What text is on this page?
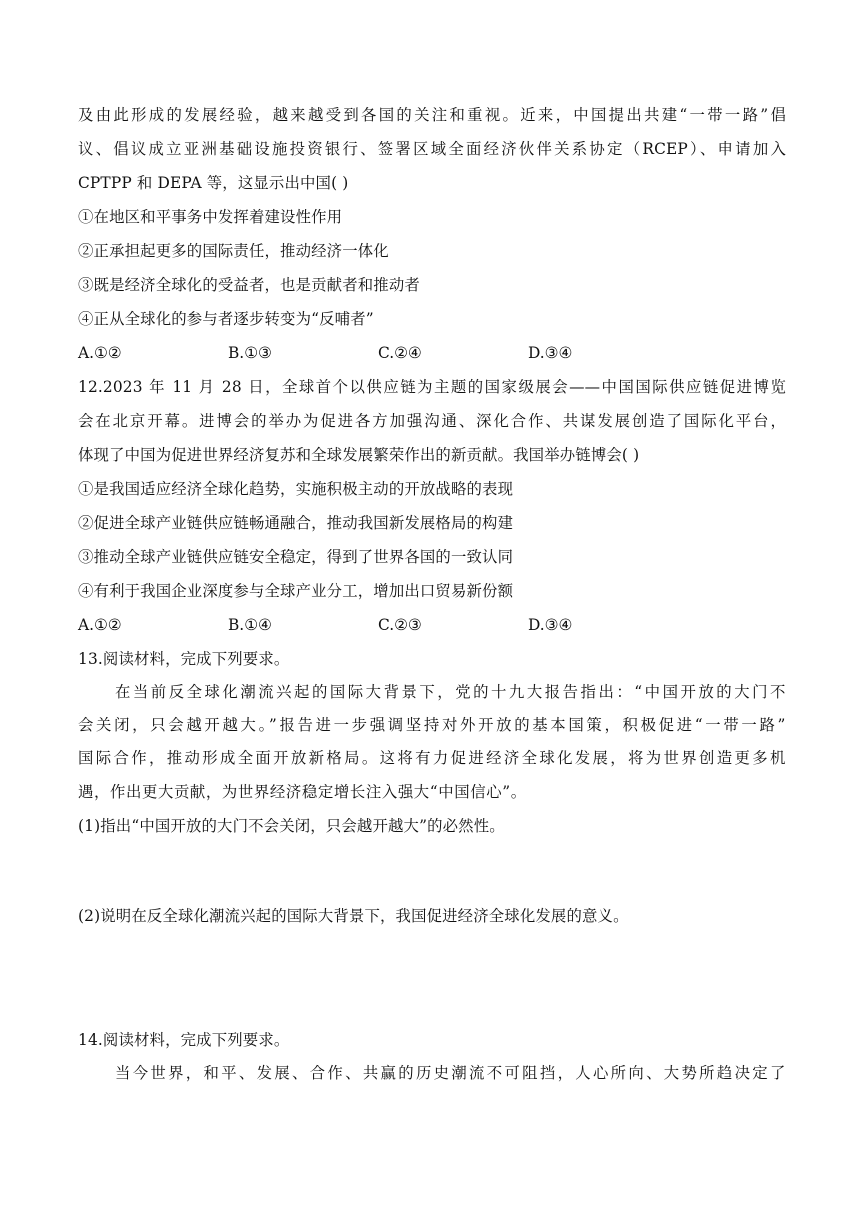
及由此形成的发展经验，越来越受到各国的关注和重视。近来，中国提出共建“一带一路”倡
议、倡议成立亚洲基础设施投资银行、签署区域全面经济伙伴关系协定（RCEP）、申请加入
CPTPP 和 DEPA 等，这显示出中国( )
①在地区和平事务中发挥着建设性作用
②正承担起更多的国际责任，推动经济一体化
③既是经济全球化的受益者，也是贡献者和推动者
④正从全球化的参与者逐步转变为“反哺者”
A.①②	B.①③	C.②④	D.③④
12.2023 年 11 月 28 日，全球首个以供应链为主题的国家级展会——中国国际供应链促进博览
会在北京开幕。进博会的举办为促进各方加强沟通、深化合作、共谋发展创造了国际化平台，
体现了中国为促进世界经济复苏和全球发展繁荣作出的新贡献。我国举办链博会( )
①是我国适应经济全球化趋势，实施积极主动的开放战略的表现
②促进全球产业链供应链畅通融合，推动我国新发展格局的构建
③推动全球产业链供应链安全稳定，得到了世界各国的一致认同
④有利于我国企业深度参与全球产业分工，增加出口贸易新份额
A.①②	B.①④	C.②③	D.③④
13.阅读材料，完成下列要求。
在当前反全球化潮流兴起的国际大背景下，党的十九大报告指出：“中国开放的大门不
会关闭，只会越开越大。”报告进一步强调坚持对外开放的基本国策，积极促进“一带一路”
国际合作，推动形成全面开放新格局。这将有力促进经济全球化发展，将为世界创造更多机
遇，作出更大贡献，为世界经济稳定增长注入强大“中国信心”。
(1)指出“中国开放的大门不会关闭，只会越开越大”的必然性。
(2)说明在反全球化潮流兴起的国际大背景下，我国促进经济全球化发展的意义。
14.阅读材料，完成下列要求。
当今世界，和平、发展、合作、共赢的历史潮流不可阻挡，人心所向、大势所趋决定了
